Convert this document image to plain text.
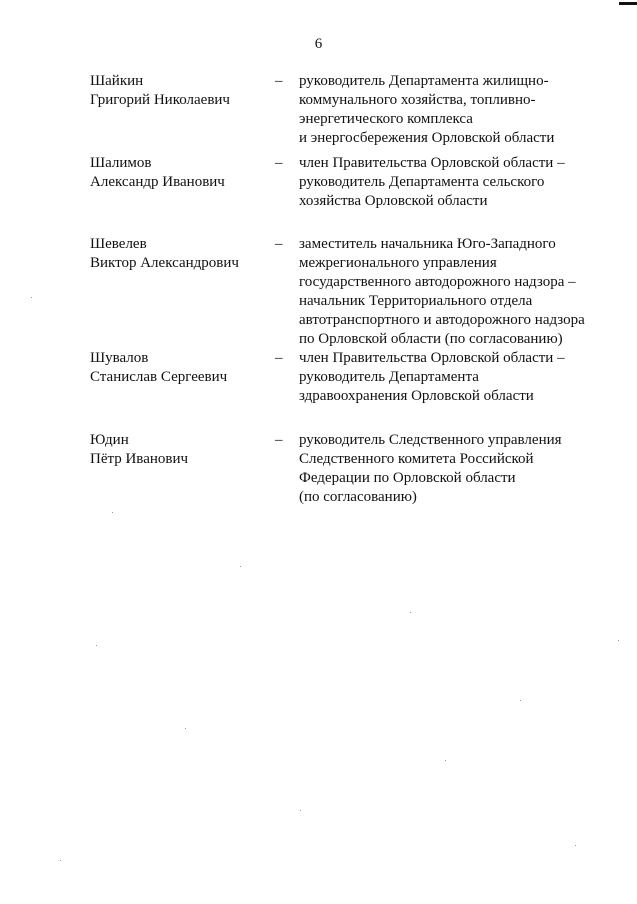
6
Шайкин
Григорий Николаевич
–	руководитель Департамента жилищно-
коммунального хозяйства, топливно-
энергетического комплекса
и энергосбережения Орловской области
Шалимов
Александр Иванович
–	член Правительства Орловской области –
руководитель Департамента сельского
хозяйства Орловской области
Шевелев
Виктор Александрович
–	заместитель начальника Юго-Западного
межрегионального управления
государственного автодорожного надзора –
начальник Территориального отдела
автотранспортного и автодорожного надзора
по Орловской области (по согласованию)
Шувалов
Станислав Сергеевич
–	член Правительства Орловской области –
руководитель Департамента
здравоохранения Орловской области
Юдин
Пётр Иванович
–	руководитель Следственного управления
Следственного комитета Российской
Федерации по Орловской области
(по согласованию)
